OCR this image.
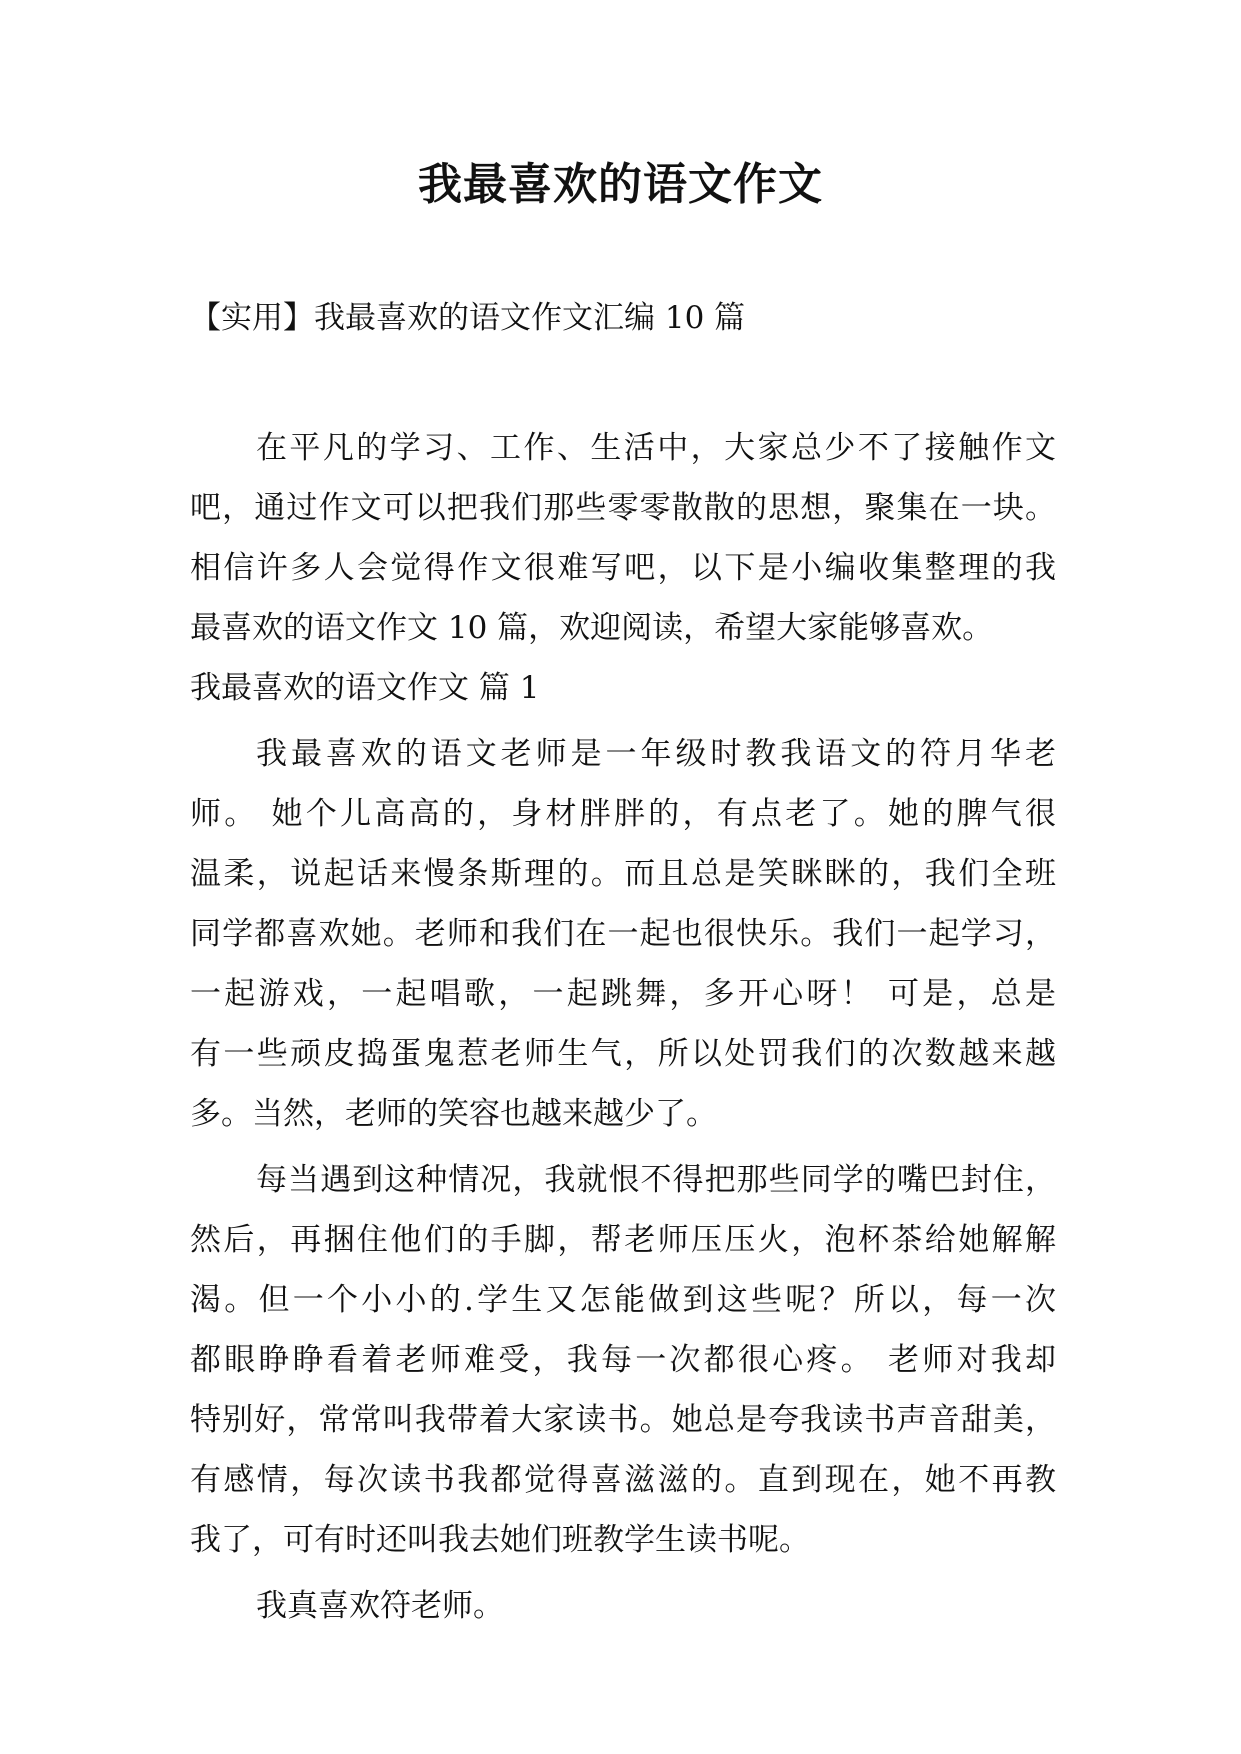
我最喜欢的语文作文
【实用】我最喜欢的语文作文汇编 10 篇
在平凡的学习、工作、生活中，大家总少不了接触作文
吧，通过作文可以把我们那些零零散散的思想，聚集在一块。
相信许多人会觉得作文很难写吧，以下是小编收集整理的我
最喜欢的语文作文 10 篇，欢迎阅读，希望大家能够喜欢。
我最喜欢的语文作文 篇 1
我最喜欢的语文老师是一年级时教我语文的符月华老
师。 她个儿高高的，身材胖胖的，有点老了。她的脾气很
温柔，说起话来慢条斯理的。而且总是笑眯眯的，我们全班
同学都喜欢她。老师和我们在一起也很快乐。我们一起学习，
一起游戏，一起唱歌，一起跳舞，多开心呀！ 可是，总是
有一些顽皮捣蛋鬼惹老师生气，所以处罚我们的次数越来越
多。当然，老师的笑容也越来越少了。
每当遇到这种情况，我就恨不得把那些同学的嘴巴封住，
然后，再捆住他们的手脚，帮老师压压火，泡杯茶给她解解
渴。但一个小小的.学生又怎能做到这些呢？所以，每一次
都眼睁睁看着老师难受，我每一次都很心疼。 老师对我却
特别好，常常叫我带着大家读书。她总是夸我读书声音甜美，
有感情，每次读书我都觉得喜滋滋的。直到现在，她不再教
我了，可有时还叫我去她们班教学生读书呢。
我真喜欢符老师。
